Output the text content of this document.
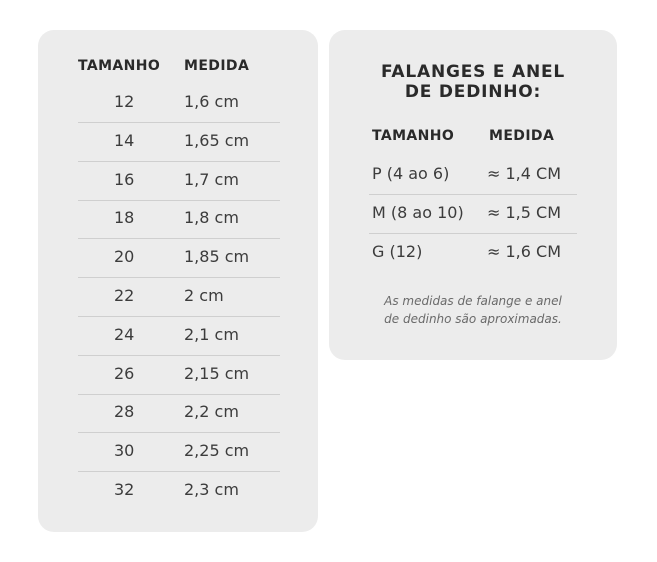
TAMANHO MEDIDA
12	1,6 cm
14	1,65 cm
16	1,7 cm
18	1,8 cm
20	1,85 cm
22	2 cm
24	2,1 cm
26	2,15 cm
28	2,2 cm
30	2,25 cm
32	2,3 cm
FALANGES E ANEL
DE DEDINHO:
TAMANHO MEDIDA
P (4 ao 6) ≈ 1,4 CM
M (8 ao 10) ≈ 1,5 CM
G (12)	≈ 1,6 CM
As medidas de falange e anel
de dedinho são aproximadas.
